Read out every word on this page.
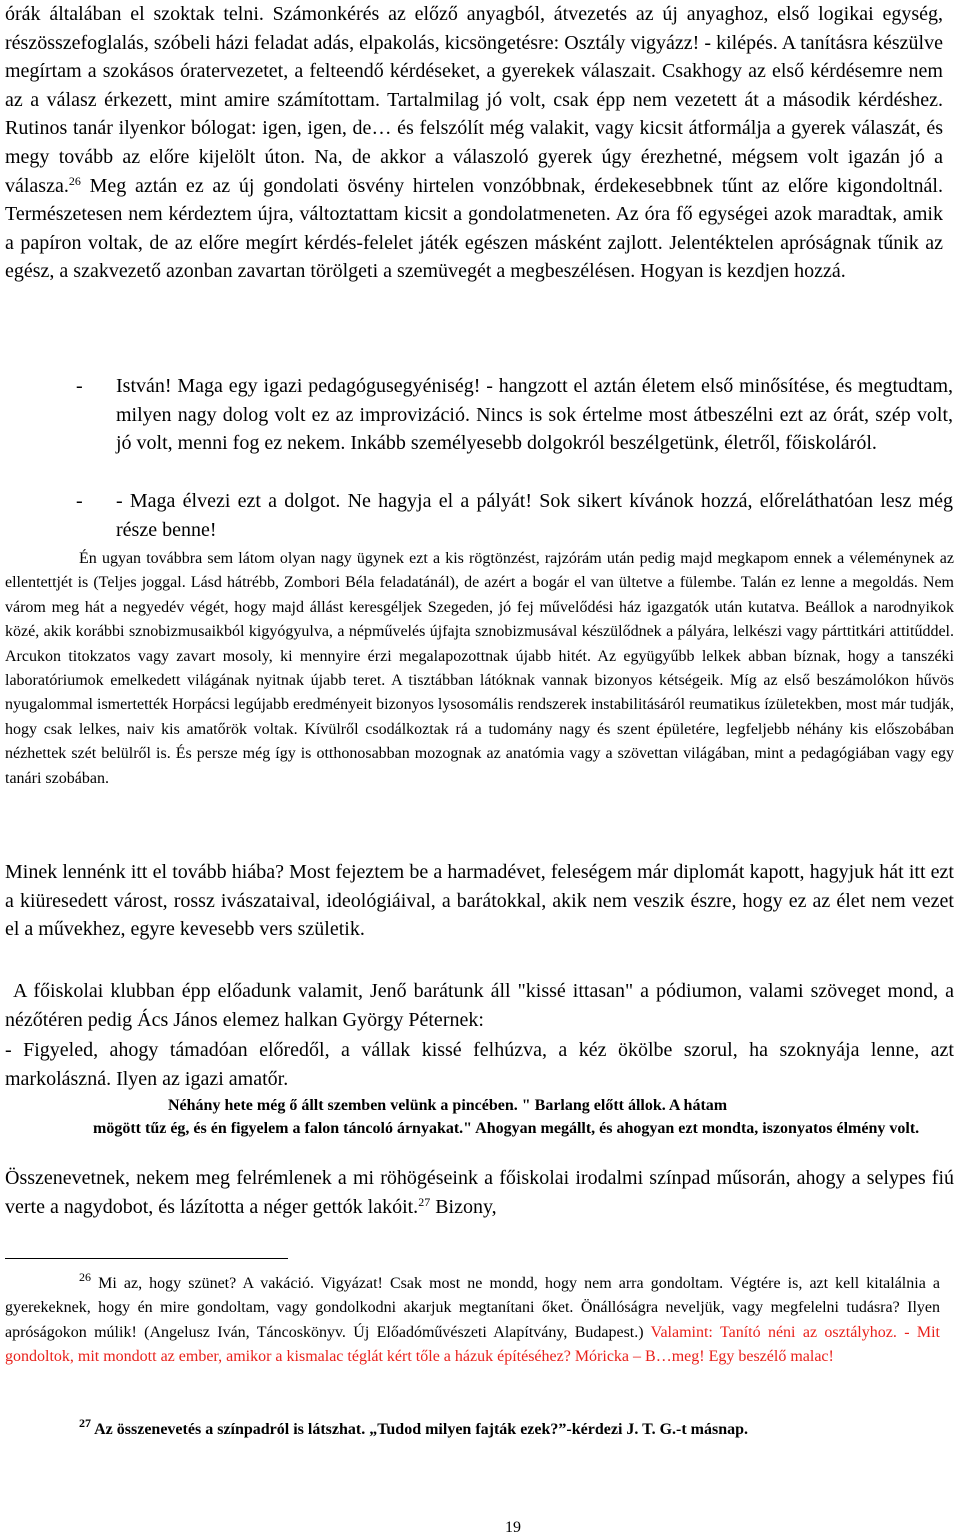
órák általában el szoktak telni. Számonkérés az előző anyagból, átvezetés az új anyaghoz, első logikai egység, részösszefoglalás, szóbeli házi feladat adás, elpakolás, kicsöngetésre: Osztály vigyázz! - kilépés. A tanításra készülve megírtam a szokásos óratervezetet, a felteendő kérdéseket, a gyerekek válaszait. Csakhogy az első kérdésemre nem az a válasz érkezett, mint amire számítottam. Tartalmilag jó volt, csak épp nem vezetett át a második kérdéshez. Rutinos tanár ilyenkor bólogat: igen, igen, de… és felszólít még valakit, vagy kicsit átformálja a gyerek válaszát, és megy tovább az előre kijelölt úton. Na, de akkor a válaszoló gyerek úgy érezhetné, mégsem volt igazán jó a válasza.$^{26}$ Meg aztán ez az új gondolati ösvény hirtelen vonzóbbnak, érdekesebbnek tűnt az előre kigondoltnál. Természetesen nem kérdeztem újra, változtattam kicsit a gondolatmeneten. Az óra fő egységei azok maradtak, amik a papíron voltak, de az előre megírt kérdés-felelet játék egészen másként zajlott. Jelentéktelen apróságnak tűnik az egész, a szakvezető azonban zavartan törölgeti a szemüvegét a megbeszélésen. Hogyan is kezdjen hozzá.

- István! Maga egy igazi pedagógusegyéniség! - hangzott el aztán életem első minősítése, és megtudtam, milyen nagy dolog volt ez az improvizáció. Nincs is sok értelme most átbeszélni ezt az órát, szép volt, jó volt, menni fog ez nekem. Inkább személyesebb dolgokról beszélgetünk, életről, főiskoláról.
- - Maga élvezi ezt a dolgot. Ne hagyja el a pályát! Sok sikert kívánok hozzá, előreláthatóan lesz még része benne!

Én ugyan továbbra sem látom olyan nagy ügynek ezt a kis rögtönzést, rajzórám után pedig majd megkapom ennek a véleménynek az ellentettjét is (Teljes joggal. Lásd hátrébb, Zombori Béla feladatánál), de azért a bogár el van ültetve a fülembe. Talán ez lenne a megoldás. Nem várom meg hát a negyedév végét, hogy majd állást keresgéljek Szegeden, jó fej művelődési ház igazgatók után kutatva. Beállok a narodnyikok közé, akik korábbi sznobizmusaikból kigyógyulva, a népművelés újfajta sznobizmusával készülődnek a pályára, lelkészi vagy párttitkári attitűddel. Arcukon titokzatos vagy zavart mosoly, ki mennyire érzi megalapozottnak újabb hitét. Az együgyűbb lelkek abban bíznak, hogy a tanszéki laboratóriumok emelkedett világának nyitnak újabb teret. A tisztábban látóknak vannak bizonyos kétségeik. Míg az első beszámolókon hűvös nyugalommal ismertették Horpácsi legújabb eredményeit bizonyos lysosomális rendszerek instabilitásáról reumatikus ízületekben, most már tudják, hogy csak lelkes, naiv kis amatőrök voltak. Kívülről csodálkoztak rá a tudomány nagy és szent épületére, legfeljebb néhány kis előszobában nézhettek szét belülről is. És persze még így is otthonosabban mozognak az anatómia vagy a szövettan világában, mint a pedagógiában vagy egy tanári szobában.

Minek lennénk itt el tovább hiába? Most fejeztem be a harmadévet, feleségem már diplomát kapott, hagyjuk hát itt ezt a kiüresedett várost, rossz ivászataival, ideológiáival, a barátokkal, akik nem veszik észre, hogy ez az élet nem vezet el a művekhez, egyre kevesebb vers születik.

A főiskolai klubban épp előadunk valamit, Jenő barátunk áll "kissé ittasan" a pódiumon, valami szöveget mond, a nézőtéren pedig Ács János elemez halkan György Péternek:

- Figyeled, ahogy támadóan előredől, a vállak kissé felhúzva, a kéz ökölbe szorul, ha szoknyája lenne, azt markolászná. Ilyen az igazi amatőr.

Néhány hete még ő állt szemben velünk a pincében. " Barlang előtt állok. A hátam
mögött tűz ég, és én figyelem a falon táncoló árnyakat." Ahogyan megállt, és ahogyan ezt mondta, iszonyatos élmény volt.

Összenevetnek, nekem meg felrémlenek a mi röhögéseink a főiskolai irodalmi színpad műsorán, ahogy a selypes fiú verte a nagydobot, és lázította a néger gettók lakóit.$^{27}$ Bizony,

$^{26}$ Mi az, hogy szünet? A vakáció. Vigyázat! Csak most ne mondd, hogy nem arra gondoltam. Végtére is, azt kell kitalálnia a gyerekeknek, hogy én mire gondoltam, vagy gondolkodni akarjuk megtanítani őket. Önállóságra neveljük, vagy megfelelni tudásra? Ilyen apróságokon múlik! (Angelusz Iván, Táncoskönyv. Új Előadóművészeti Alapítvány, Budapest.) Valamint: Tanító néni az osztályhoz. - Mit gondoltok, mit mondott az ember, amikor a kismalac téglát kért tőle a házuk építéséhez? Móricka – B…meg! Egy beszélő malac!
$^{27}$ Az összenevetés a színpadról is látszhat. „Tudod milyen fajták ezek?”-kérdezi J. T. G.-t másnap.
19
